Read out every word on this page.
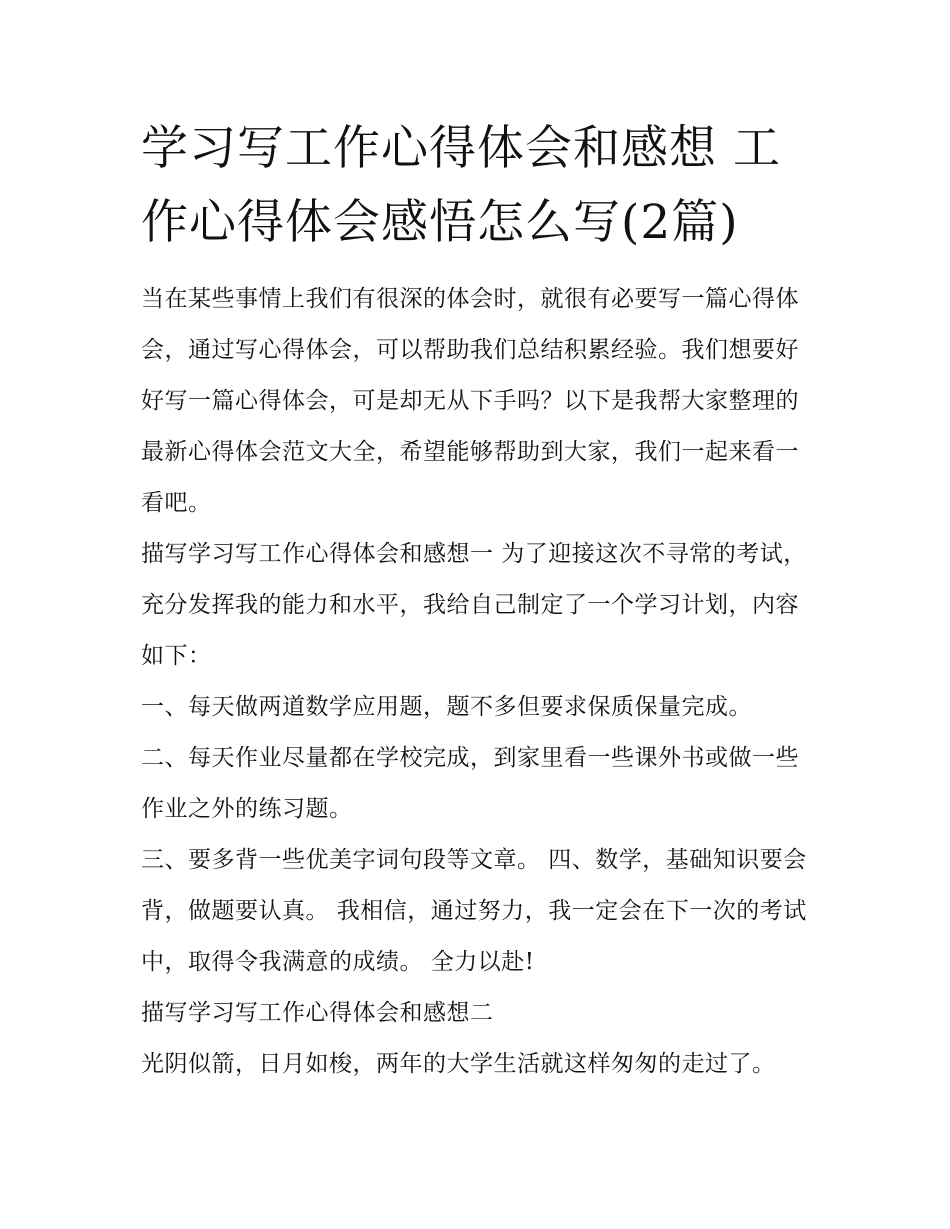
学习写工作心得体会和感想 工作心得体会感悟怎么写(2篇)

当在某些事情上我们有很深的体会时，就很有必要写一篇心得体会，通过写心得体会，可以帮助我们总结积累经验。我们想要好好写一篇心得体会，可是却无从下手吗？以下是我帮大家整理的最新心得体会范文大全，希望能够帮助到大家，我们一起来看一看吧。

描写学习写工作心得体会和感想一 为了迎接这次不寻常的考试，充分发挥我的能力和水平，我给自己制定了一个学习计划，内容如下：

一、每天做两道数学应用题，题不多但要求保质保量完成。

二、每天作业尽量都在学校完成，到家里看一些课外书或做一些作业之外的练习题。

三、要多背一些优美字词句段等文章。 四、数学，基础知识要会背，做题要认真。 我相信，通过努力，我一定会在下一次的考试中，取得令我满意的成绩。 全力以赴!

描写学习写工作心得体会和感想二

光阴似箭，日月如梭，两年的大学生活就这样匆匆的走过了。
